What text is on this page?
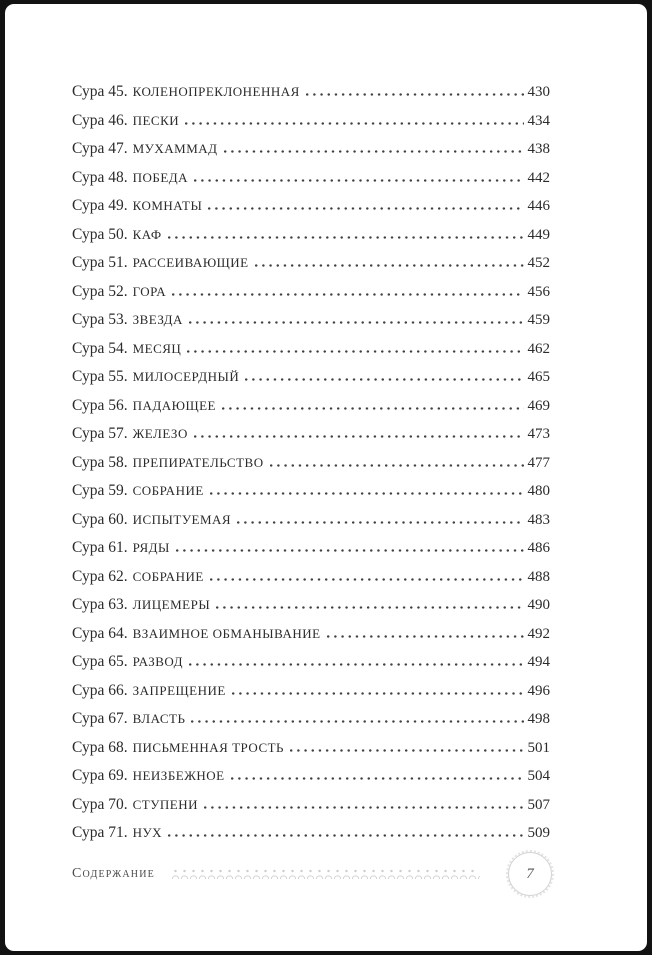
Сура 45. КОЛЕНОПРЕКЛОНЕННАЯ	430
Сура 46. ПЕСКИ	434
Сура 47. МУХАММАД	438
Сура 48. ПОБЕДА	442
Сура 49. КОМНАТЫ	446
Сура 50. КАФ	449
Сура 51. РАССЕИВАЮЩИЕ	452
Сура 52. ГОРА	456
Сура 53. ЗВЕЗДА	459
Сура 54. МЕСЯЦ	462
Сура 55. МИЛОСЕРДНЫЙ	465
Сура 56. ПАДАЮЩЕЕ	469
Сура 57. ЖЕЛЕЗО	473
Сура 58. ПРЕПИРАТЕЛЬСТВО	477
Сура 59. СОБРАНИЕ	480
Сура 60. ИСПЫТУЕМАЯ	483
Сура 61. РЯДЫ	486
Сура 62. СОБРАНИЕ	488
Сура 63. ЛИЦЕМЕРЫ	490
Сура 64. ВЗАИМНОЕ ОБМАНЫВАНИЕ	492
Сура 65. РАЗВОД	494
Сура 66. ЗАПРЕЩЕНИЕ	496
Сура 67. ВЛАСТЬ	498
Сура 68. ПИСЬМЕННАЯ ТРОСТЬ	501
Сура 69. НЕИЗБЕЖНОЕ	504
Сура 70. СТУПЕНИ	507
Сура 71. НУХ	509
Содержание	7
